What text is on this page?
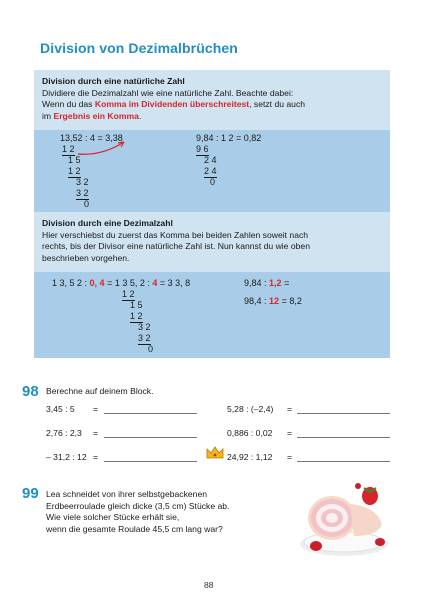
Division von Dezimalbrüchen
Division durch eine natürliche Zahl
Dividiere die Dezimalzahl wie eine natürliche Zahl. Beachte dabei:
Wenn du das Komma im Dividenden überschreitest, setzt du auch
im Ergebnis ein Komma.
13,52 : 4 = 3,38
1 2
1 5
1 2
3 2
3 2
0
9,84 : 1 2 = 0,82
9 6
2 4
2 4
0
Division durch eine Dezimalzahl
Hier verschiebst du zuerst das Komma bei beiden Zahlen soweit nach
rechts, bis der Divisor eine natürliche Zahl ist. Nun kannst du wie oben
beschrieben vorgehen.
1 3, 5 2 : 0, 4 = 1 3 5, 2 : 4 = 3 3, 8
1 2
1 5
1 2
3 2
3 2
0
9,84 : 1,2 =
98,4 : 12 = 8,2
98 Berechne auf deinem Block.
3,45 : 5 =
2,76 : 2,3 =
– 31,2 : 12 =
5,28 : (–2,4) =
0,886 : 0,02 =
24,92 : 1,12 =
99 Lea schneidet von ihrer selbstgebackenen
Erdbeerroulade gleich dicke (3,5 cm) Stücke ab.
Wie viele solcher Stücke erhält sie,
wenn die gesamte Roulade 45,5 cm lang war?
88
